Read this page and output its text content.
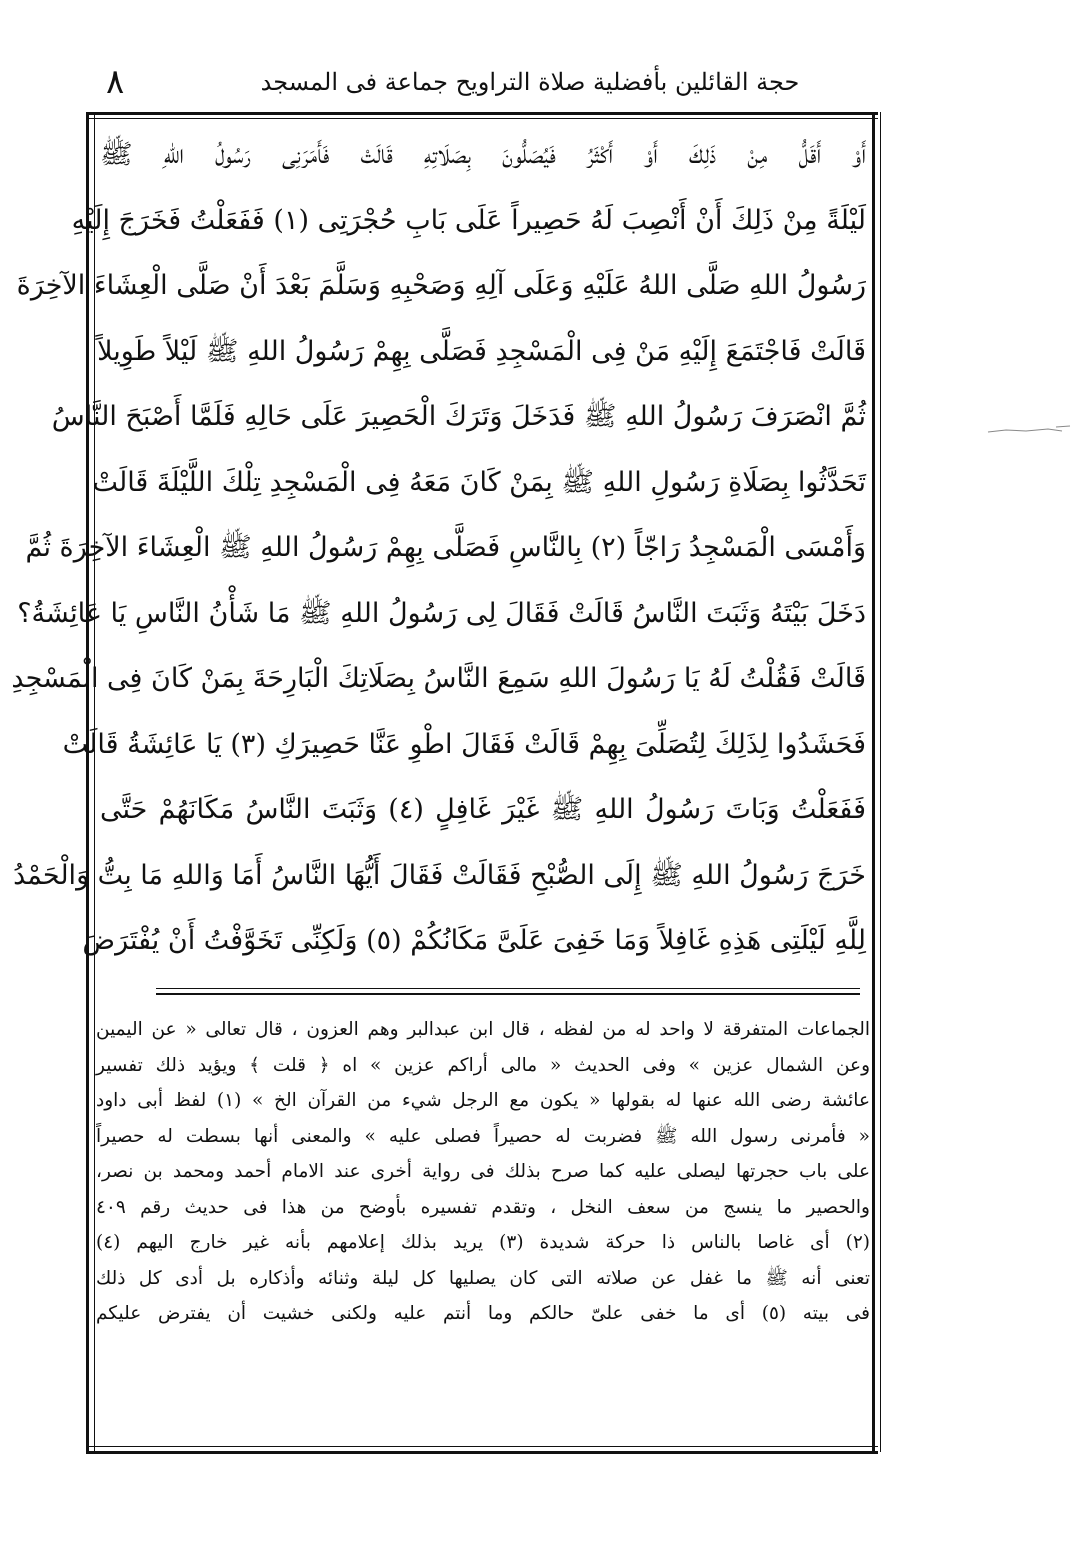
٨	حجة القائلين بأفضلية صلاة التراويح جماعة فى المسجد
أَوْ أَقَلُّ مِنْ ذَلِكَ أَوْ أَكْثَرُ فَيُصَلُّونَ بِصَلَاتِهِ قَالَتْ فَأَمَرَنِى رَسُولُ اللهِ ﷺ
لَيْلَةً مِنْ ذَلِكَ أَنْ أَنْصِبَ لَهُ حَصِيراً عَلَى بَابِ حُجْرَتِى (١) فَفَعَلْتُ فَخَرَجَ إِلَيْهِ
رَسُولُ اللهِ صَلَّى اللهُ عَلَيْهِ وَعَلَى آلِهِ وَصَحْبِهِ وَسَلَّمَ بَعْدَ أَنْ صَلَّى الْعِشَاءَ الآخِرَةَ
قَالَتْ فَاجْتَمَعَ إِلَيْهِ مَنْ فِى الْمَسْجِدِ فَصَلَّى بِهِمْ رَسُولُ اللهِ ﷺ لَيْلاً طَوِيلاً
ثُمَّ انْصَرَفَ رَسُولُ اللهِ ﷺ فَدَخَلَ وَتَرَكَ الْحَصِيرَ عَلَى حَالِهِ فَلَمَّا أَصْبَحَ النَّاسُ
تَحَدَّثُوا بِصَلَاةِ رَسُولِ اللهِ ﷺ بِمَنْ كَانَ مَعَهُ فِى الْمَسْجِدِ تِلْكَ اللَّيْلَةَ قَالَتْ
وَأَمْسَى الْمَسْجِدُ رَاجّاً (٢) بِالنَّاسِ فَصَلَّى بِهِمْ رَسُولُ اللهِ ﷺ الْعِشَاءَ الآخِرَةَ ثُمَّ
دَخَلَ بَيْتَهُ وَثَبَتَ النَّاسُ قَالَتْ فَقَالَ لِى رَسُولُ اللهِ ﷺ مَا شَأْنُ النَّاسِ يَا عَائِشَةُ؟
قَالَتْ فَقُلْتُ لَهُ يَا رَسُولَ اللهِ سَمِعَ النَّاسُ بِصَلَاتِكَ الْبَارِحَةَ بِمَنْ كَانَ فِى الْمَسْجِدِ
فَحَشَدُوا لِذَلِكَ لِتُصَلِّىَ بِهِمْ قَالَتْ فَقَالَ اطْوِ عَنَّا حَصِيرَكِ (٣) يَا عَائِشَةُ قَالَتْ
فَفَعَلْتُ وَبَاتَ رَسُولُ اللهِ ﷺ غَيْرَ غَافِلٍ (٤) وَثَبَتَ النَّاسُ مَكَانَهُمْ حَتَّى
خَرَجَ رَسُولُ اللهِ ﷺ إِلَى الصُّبْحِ فَقَالَتْ فَقَالَ أَيُّهَا النَّاسُ أَمَا وَاللهِ مَا بِتُّ وَالْحَمْدُ
لِلَّهِ لَيْلَتِى هَذِهِ غَافِلاً وَمَا خَفِىَ عَلَىَّ مَكَانُكُمْ (٥) وَلَكِنِّى تَخَوَّفْتُ أَنْ يُفْتَرَضَ
الجماعات المتفرقة لا واحد له من لفظه ، قال ابن عبدالبر وهم العزون ، قال تعالى « عن اليمين
وعن الشمال عزين » وفى الحديث « مالى أراكم عزين » اه ﴿ قلت ﴾ ويؤيد ذلك تفسير
عائشة رضى الله عنها له بقولها « يكون مع الرجل شيء من القرآن الخ » (١) لفظ أبى داود
« فأمرنى رسول الله ﷺ فضربت له حصيراً فصلى عليه » والمعنى أنها بسطت له حصيراً
على باب حجرتها ليصلى عليه كما صرح بذلك فى رواية أخرى عند الامام أحمد ومحمد بن نصر،
والحصير ما ينسج من سعف النخل ، وتقدم تفسيره بأوضح من هذا فى حديث رقم ٤٠٩
(٢) أى غاصا بالناس ذا حركة شديدة (٣) يريد بذلك إعلامهم بأنه غير خارج اليهم (٤)
تعنى أنه ﷺ ما غفل عن صلاته التى كان يصليها كل ليلة وثنائه وأذكاره بل أدى كل ذلك
فى بيته (٥) أى ما خفى علىّ حالكم وما أنتم عليه ولكنى خشيت أن يفترض عليكم
